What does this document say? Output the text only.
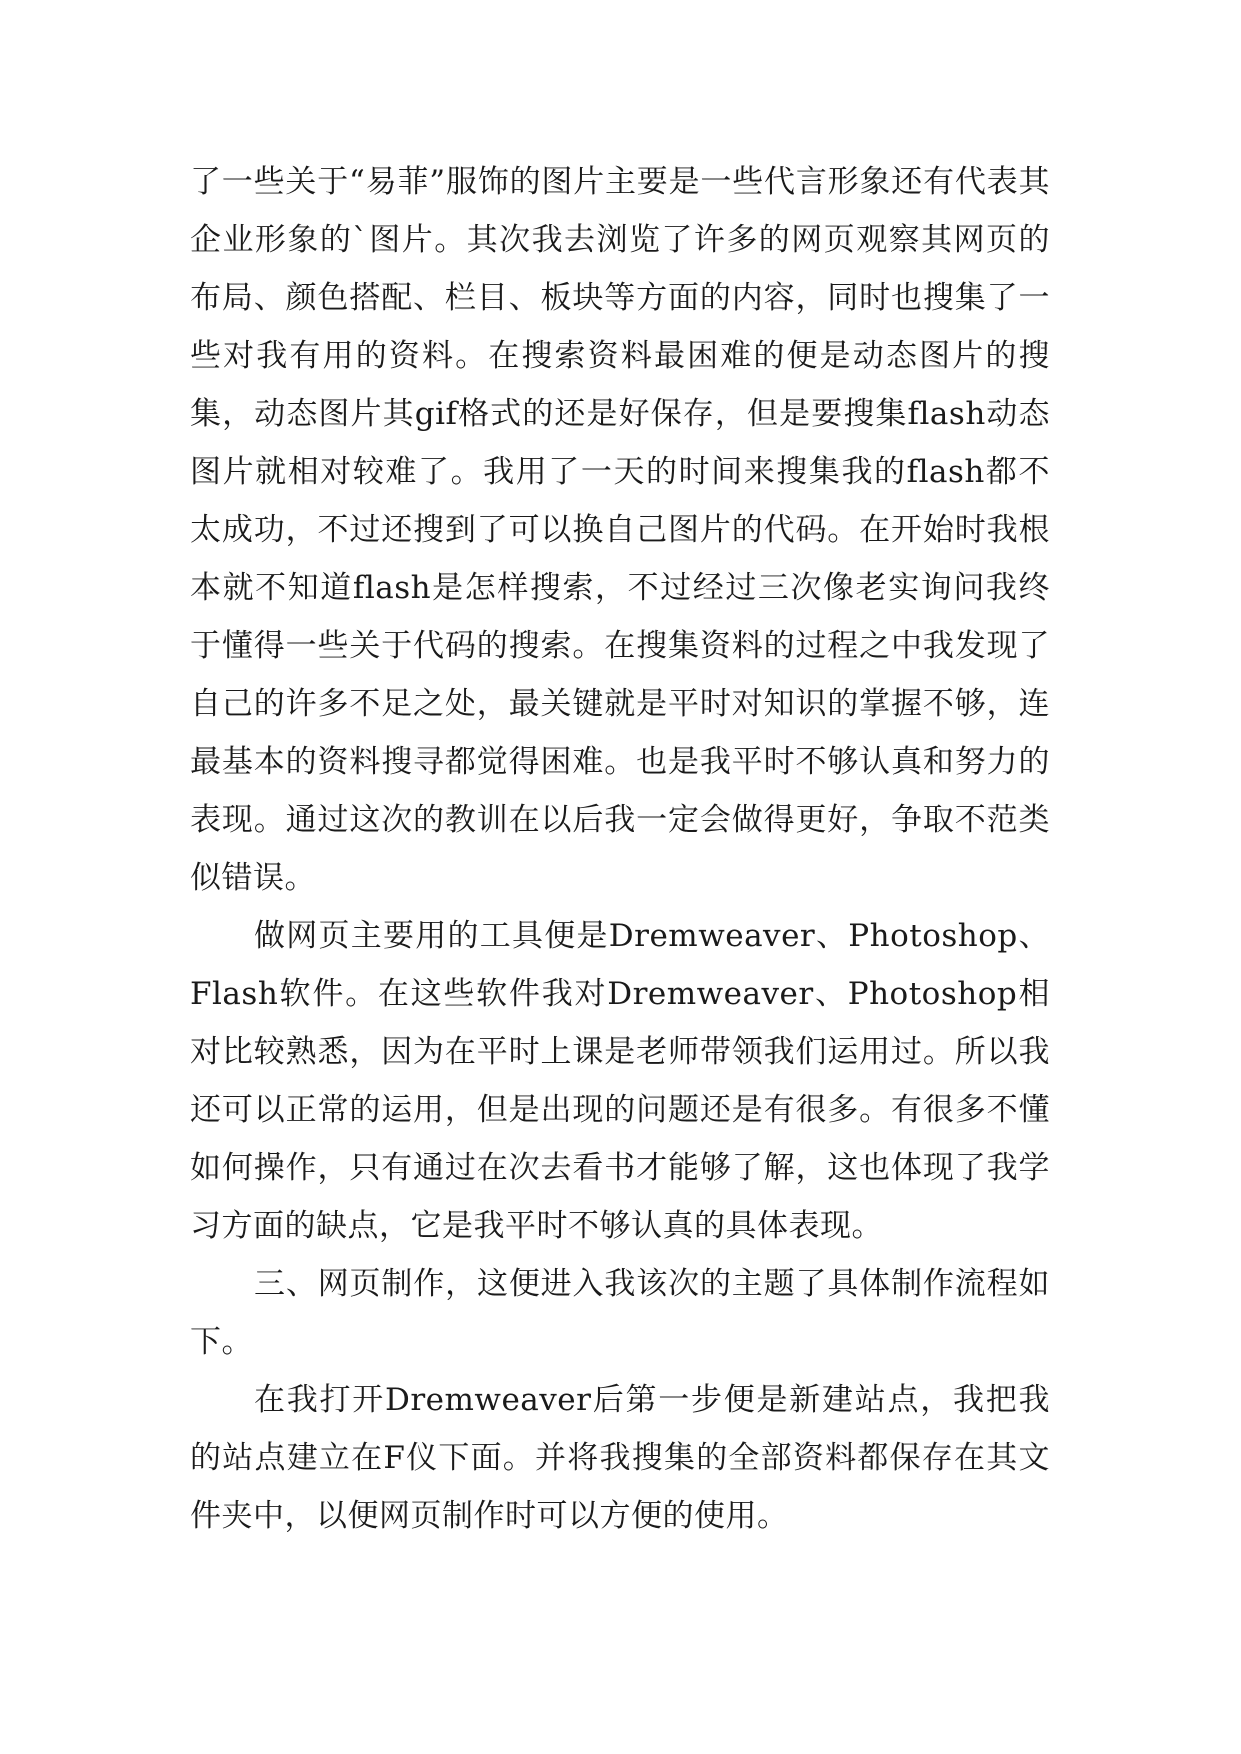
了一些关于“易菲”服饰的图片主要是一些代言形象还有代表其企业形象的`图片。其次我去浏览了许多的网页观察其网页的布局、颜色搭配、栏目、板块等方面的内容，同时也搜集了一些对我有用的资料。在搜索资料最困难的便是动态图片的搜集，动态图片其gif格式的还是好保存，但是要搜集flash动态图片就相对较难了。我用了一天的时间来搜集我的flash都不太成功，不过还搜到了可以换自己图片的代码。在开始时我根本就不知道flash是怎样搜索，不过经过三次像老实询问我终于懂得一些关于代码的搜索。在搜集资料的过程之中我发现了自己的许多不足之处，最关键就是平时对知识的掌握不够，连最基本的资料搜寻都觉得困难。也是我平时不够认真和努力的表现。通过这次的教训在以后我一定会做得更好，争取不范类似错误。

做网页主要用的工具便是Dremweaver、Photoshop、Flash软件。在这些软件我对Dremweaver、Photoshop相对比较熟悉，因为在平时上课是老师带领我们运用过。所以我还可以正常的运用，但是出现的问题还是有很多。有很多不懂如何操作，只有通过在次去看书才能够了解，这也体现了我学习方面的缺点，它是我平时不够认真的具体表现。

三、网页制作，这便进入我该次的主题了具体制作流程如下。

在我打开Dremweaver后第一步便是新建站点，我把我的站点建立在F仪下面。并将我搜集的全部资料都保存在其文件夹中，以便网页制作时可以方便的使用。
